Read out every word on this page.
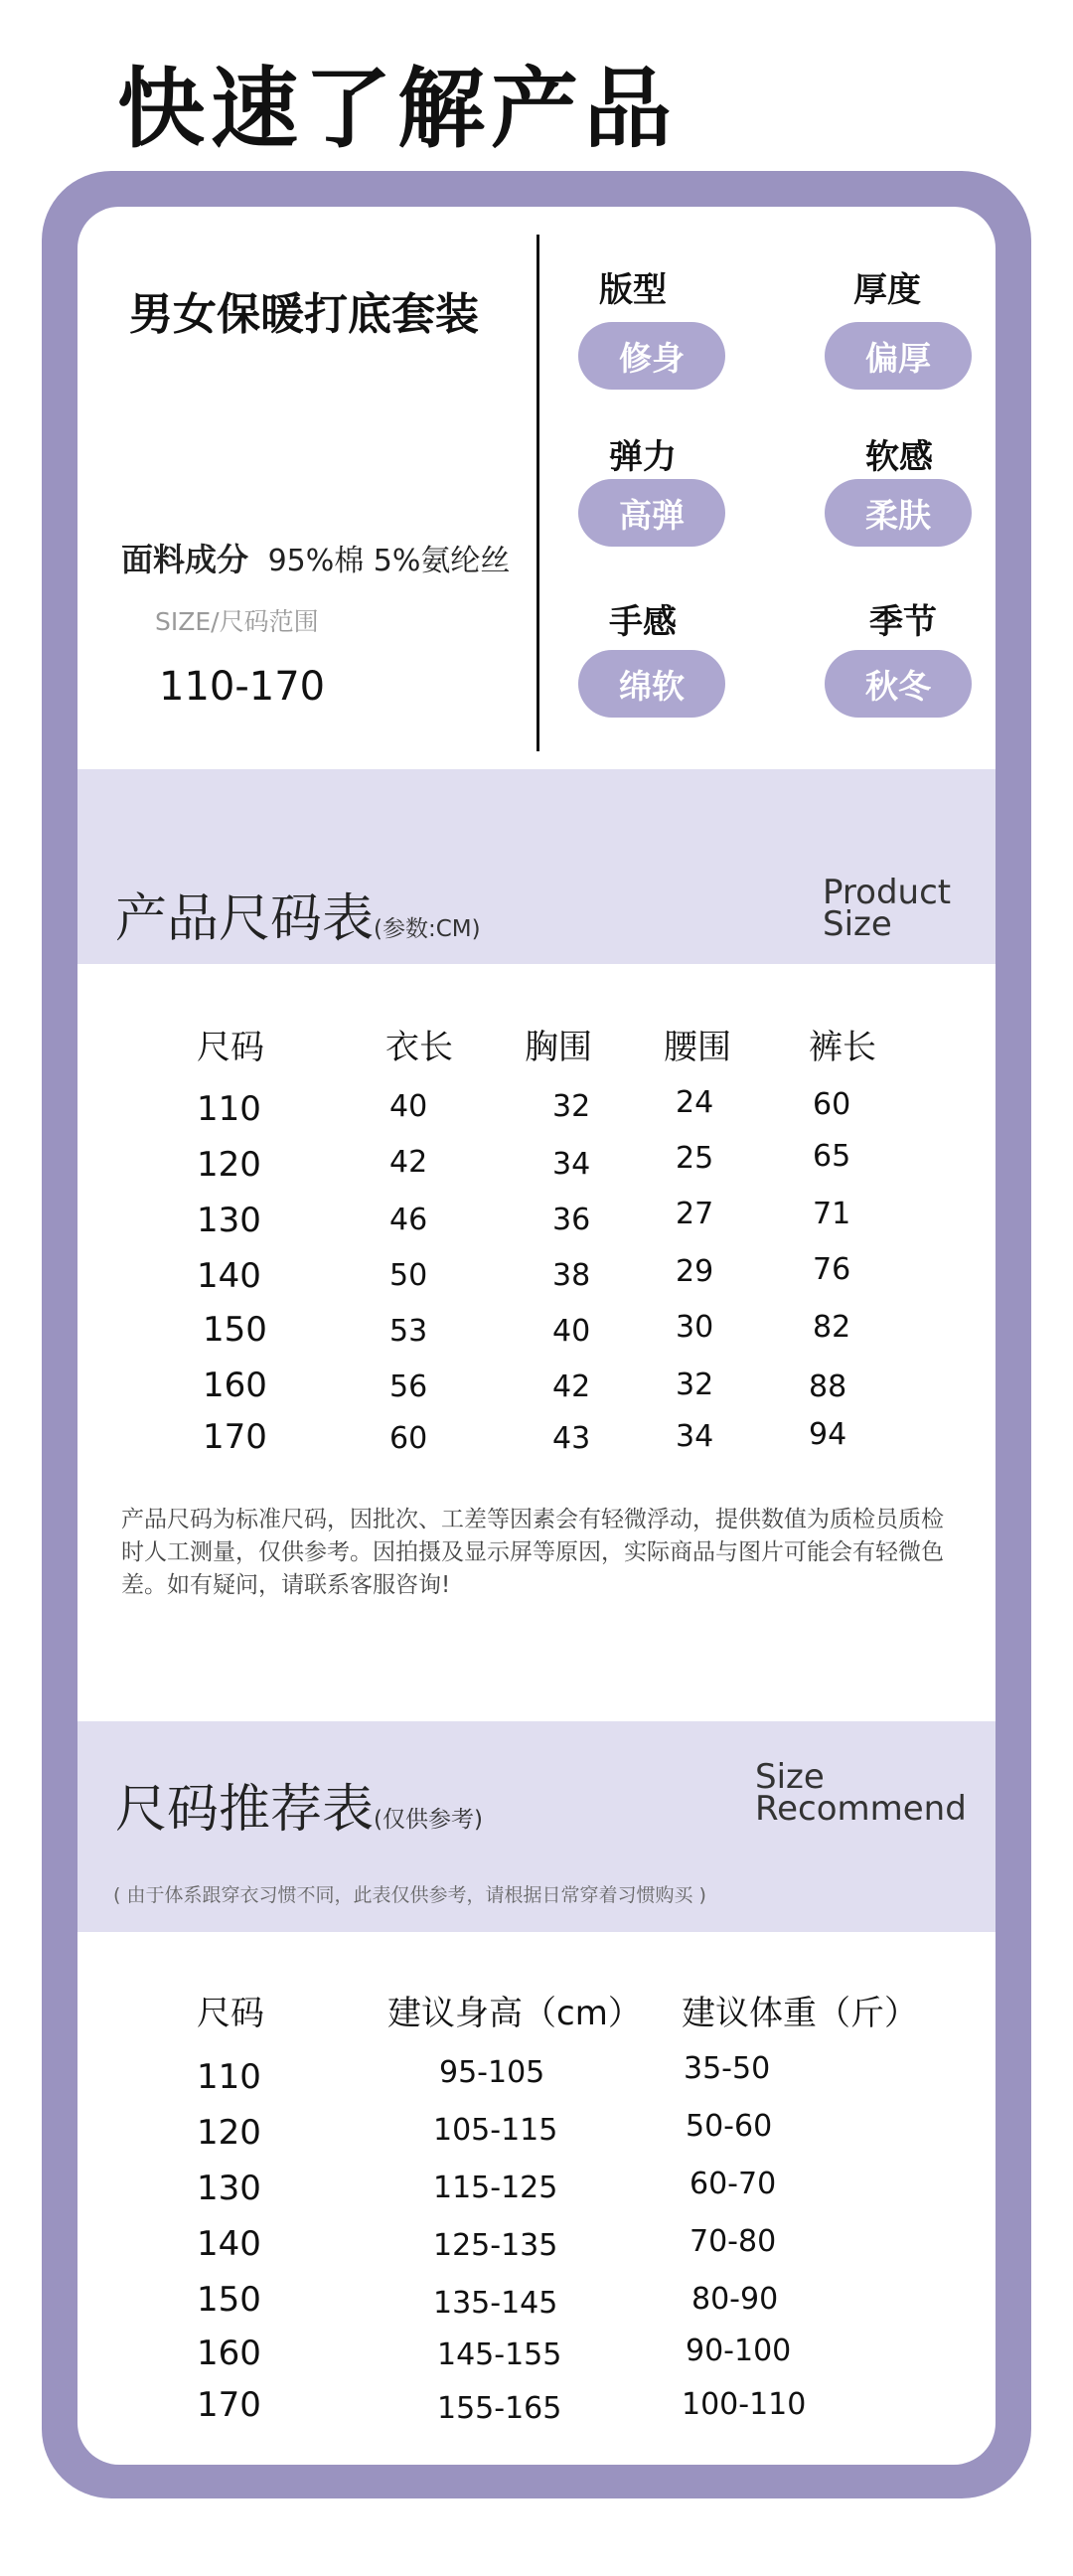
快速了解产品
男女保暖打底套装
面料成分 95%棉 5%氨纶丝
SIZE/尺码范围
110-170
版型
修身
厚度
偏厚
弹力
高弹
软感
柔肤
手感
绵软
季节
秋冬
产品尺码表(参数:CM)
Product
Size
尺码	衣长 胸围 腰围 裤长
110	40	32	24	60
120	42	34	25	65
130	46	36	27	71
140	50	38	29	76
150	53	40	30	82
160	56	42	32	88
170	60	43	34	94
产品尺码为标准尺码，因批次、工差等因素会有轻微浮动，提供数值为质检员质检时人工测量，仅供参考。因拍摄及显示屏等原因，实际商品与图片可能会有轻微色差。如有疑问，请联系客服咨询!
尺码推荐表(仅供参考)
Size
Recommend
( 由于体系跟穿衣习惯不同，此表仅供参考，请根据日常穿着习惯购买 )
尺码	建议身高（cm） 建议体重（斤）
110	95-105	35-50
120	105-115	50-60
130	115-125	60-70
140	125-135	70-80
150	135-145	80-90
160	145-155	90-100
170	155-165	100-110
